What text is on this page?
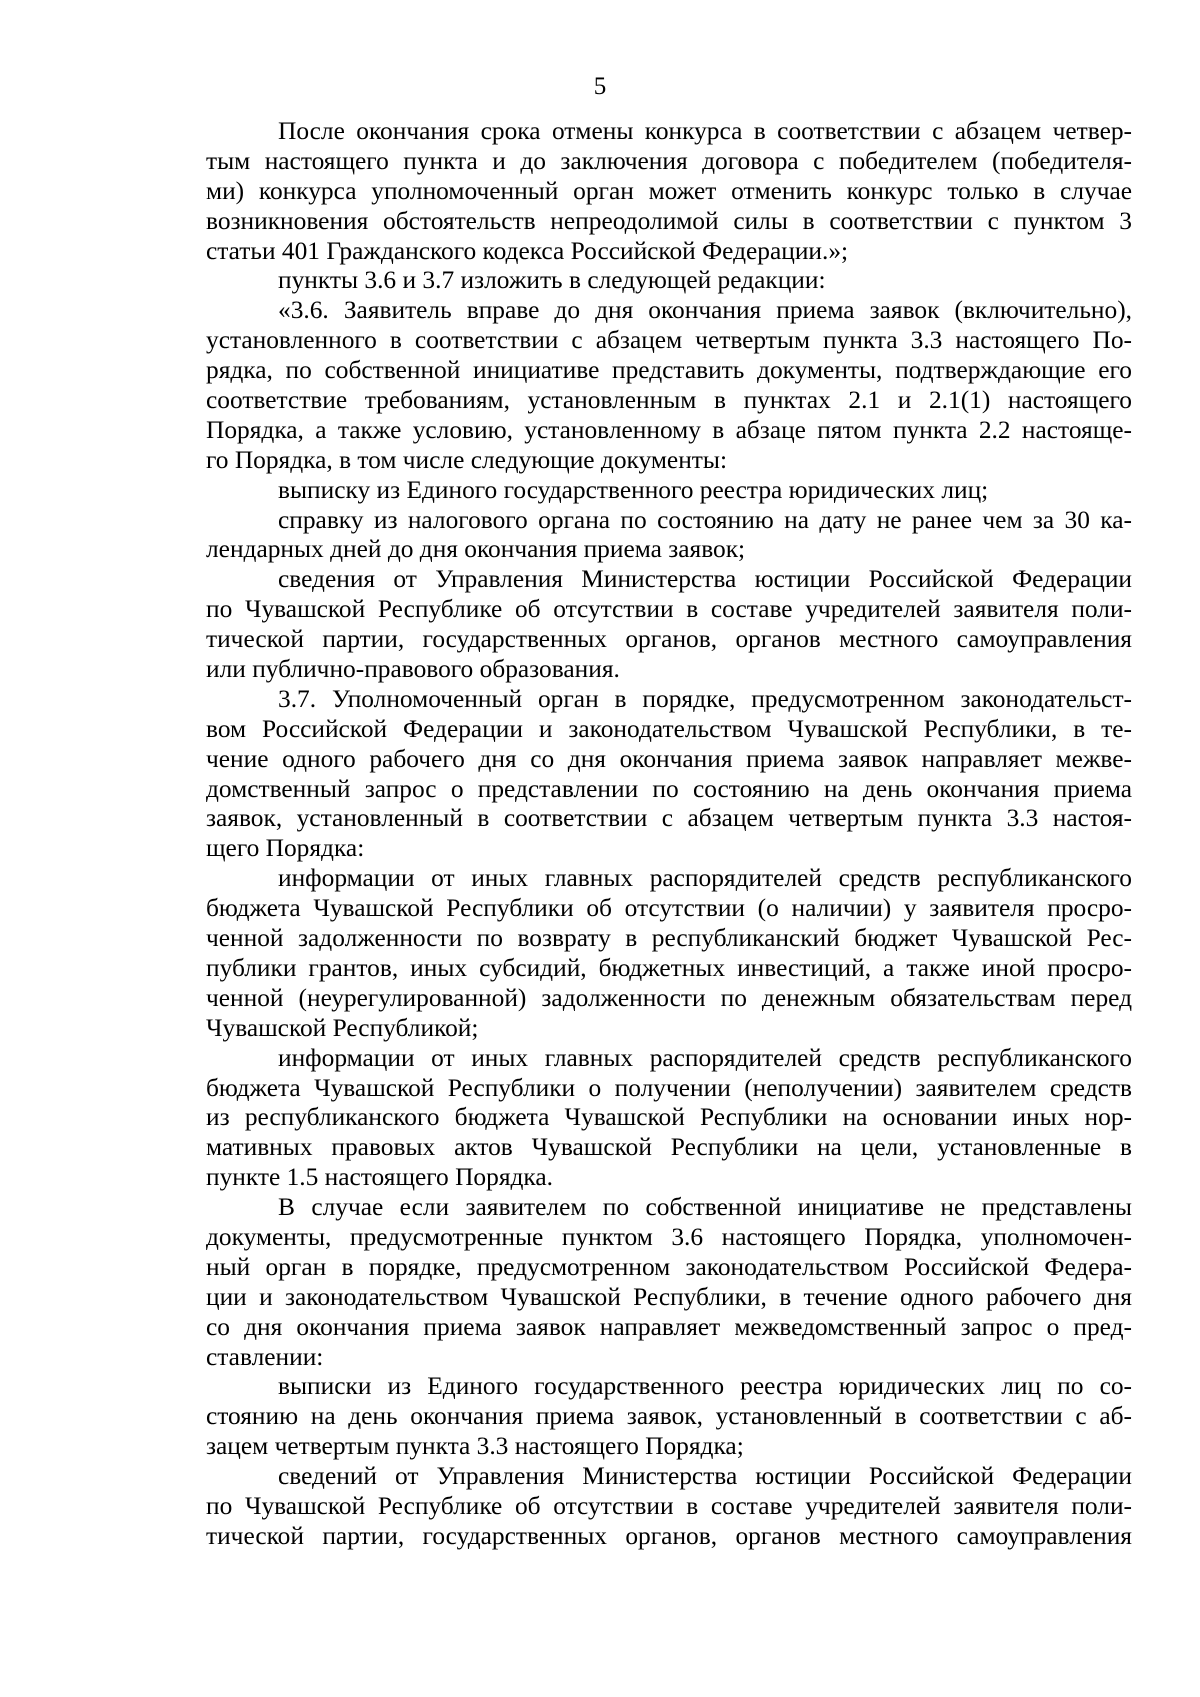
5
После окончания срока отмены конкурса в соответствии с абзацем четвер-
тым настоящего пункта и до заключения договора с победителем (победителя-
ми) конкурса уполномоченный орган может отменить конкурс только в случае
возникновения обстоятельств непреодолимой силы в соответствии с пунктом 3
статьи 401 Гражданского кодекса Российской Федерации.»;
пункты 3.6 и 3.7 изложить в следующей редакции:
«3.6. Заявитель вправе до дня окончания приема заявок (включительно),
установленного в соответствии с абзацем четвертым пункта 3.3 настоящего По-
рядка, по собственной инициативе представить документы, подтверждающие его
соответствие требованиям, установленным в пунктах 2.1 и 2.1(1) настоящего
Порядка, а также условию, установленному в абзаце пятом пункта 2.2 настояще-
го Порядка, в том числе следующие документы:
выписку из Единого государственного реестра юридических лиц;
справку из налогового органа по состоянию на дату не ранее чем за 30 ка-
лендарных дней до дня окончания приема заявок;
сведения от Управления Министерства юстиции Российской Федерации
по Чувашской Республике об отсутствии в составе учредителей заявителя поли-
тической партии, государственных органов, органов местного самоуправления
или публично-правового образования.
3.7. Уполномоченный орган в порядке, предусмотренном законодательст-
вом Российской Федерации и законодательством Чувашской Республики, в те-
чение одного рабочего дня со дня окончания приема заявок направляет межве-
домственный запрос о представлении по состоянию на день окончания приема
заявок, установленный в соответствии с абзацем четвертым пункта 3.3 настоя-
щего Порядка:
информации от иных главных распорядителей средств республиканского
бюджета Чувашской Республики об отсутствии (о наличии) у заявителя просро-
ченной задолженности по возврату в республиканский бюджет Чувашской Рес-
публики грантов, иных субсидий, бюджетных инвестиций, а также иной просро-
ченной (неурегулированной) задолженности по денежным обязательствам перед
Чувашской Республикой;
информации от иных главных распорядителей средств республиканского
бюджета Чувашской Республики о получении (неполучении) заявителем средств
из республиканского бюджета Чувашской Республики на основании иных нор-
мативных правовых актов Чувашской Республики на цели, установленные в
пункте 1.5 настоящего Порядка.
В случае если заявителем по собственной инициативе не представлены
документы, предусмотренные пунктом 3.6 настоящего Порядка, уполномочен-
ный орган в порядке, предусмотренном законодательством Российской Федера-
ции и законодательством Чувашской Республики, в течение одного рабочего дня
со дня окончания приема заявок направляет межведомственный запрос о пред-
ставлении:
выписки из Единого государственного реестра юридических лиц по со-
стоянию на день окончания приема заявок, установленный в соответствии с аб-
зацем четвертым пункта 3.3 настоящего Порядка;
сведений от Управления Министерства юстиции Российской Федерации
по Чувашской Республике об отсутствии в составе учредителей заявителя поли-
тической партии, государственных органов, органов местного самоуправления
